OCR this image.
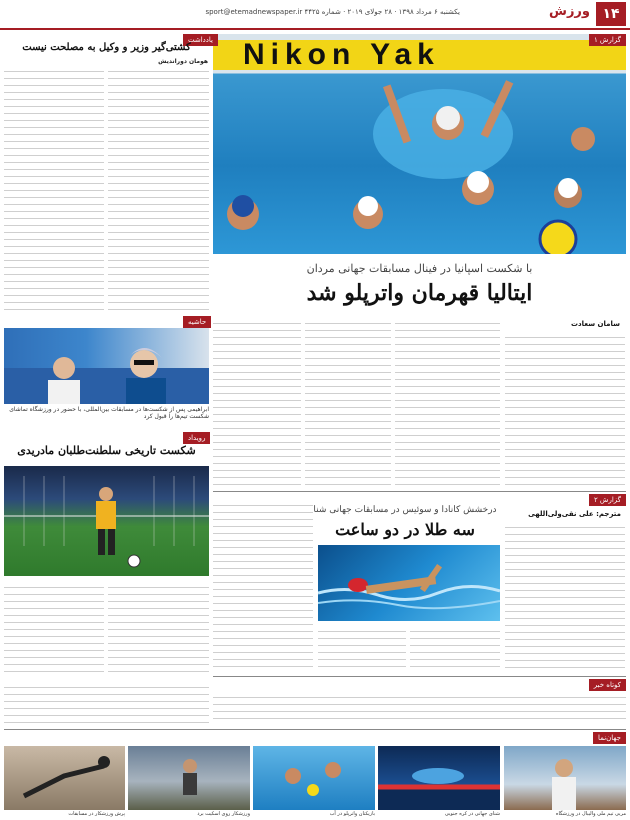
۱۴
ورزش
sport@etemadnewspaper.ir یکشنبه ۶ مرداد ۱۳۹۸ · ۲۸ جولای ۲۰۱۹ · شماره ۴۴۲۵
Nikon Yak	گزارش ۱
با شکست اسپانیا در فینال مسابقات جهانی مردان
ایتالیا قهرمان واترپلو شد
سامان سعادت
گزارش ۲
مترجم: علی نقی‌ولی‌اللهی
درخشش کانادا و سوئیس در مسابقات جهانی شنا
سه طلا در دو ساعت
کوتاه خبر
یادداشت
کشتی‌گیر وزیر و وکیل به مصلحت نیست
هومان دورانديش
حاشیه
ابراهیمی پس از شکست‌ها در مسابقات بین‌المللی، با حضور در ورزشگاه تماشای شکست تیم‌ها را قبول کرد
رویداد
شکست تاریخی سلطنت‌طلبان مادریدی
جهان‌نما
مربی تیم ملی والیبال در ورزشگاه
شنای جهانی در کره جنوبی
بازیکنان واترپلو در آب
ورزشکار روی اسکیت برد
پرش ورزشکار در مسابقات
